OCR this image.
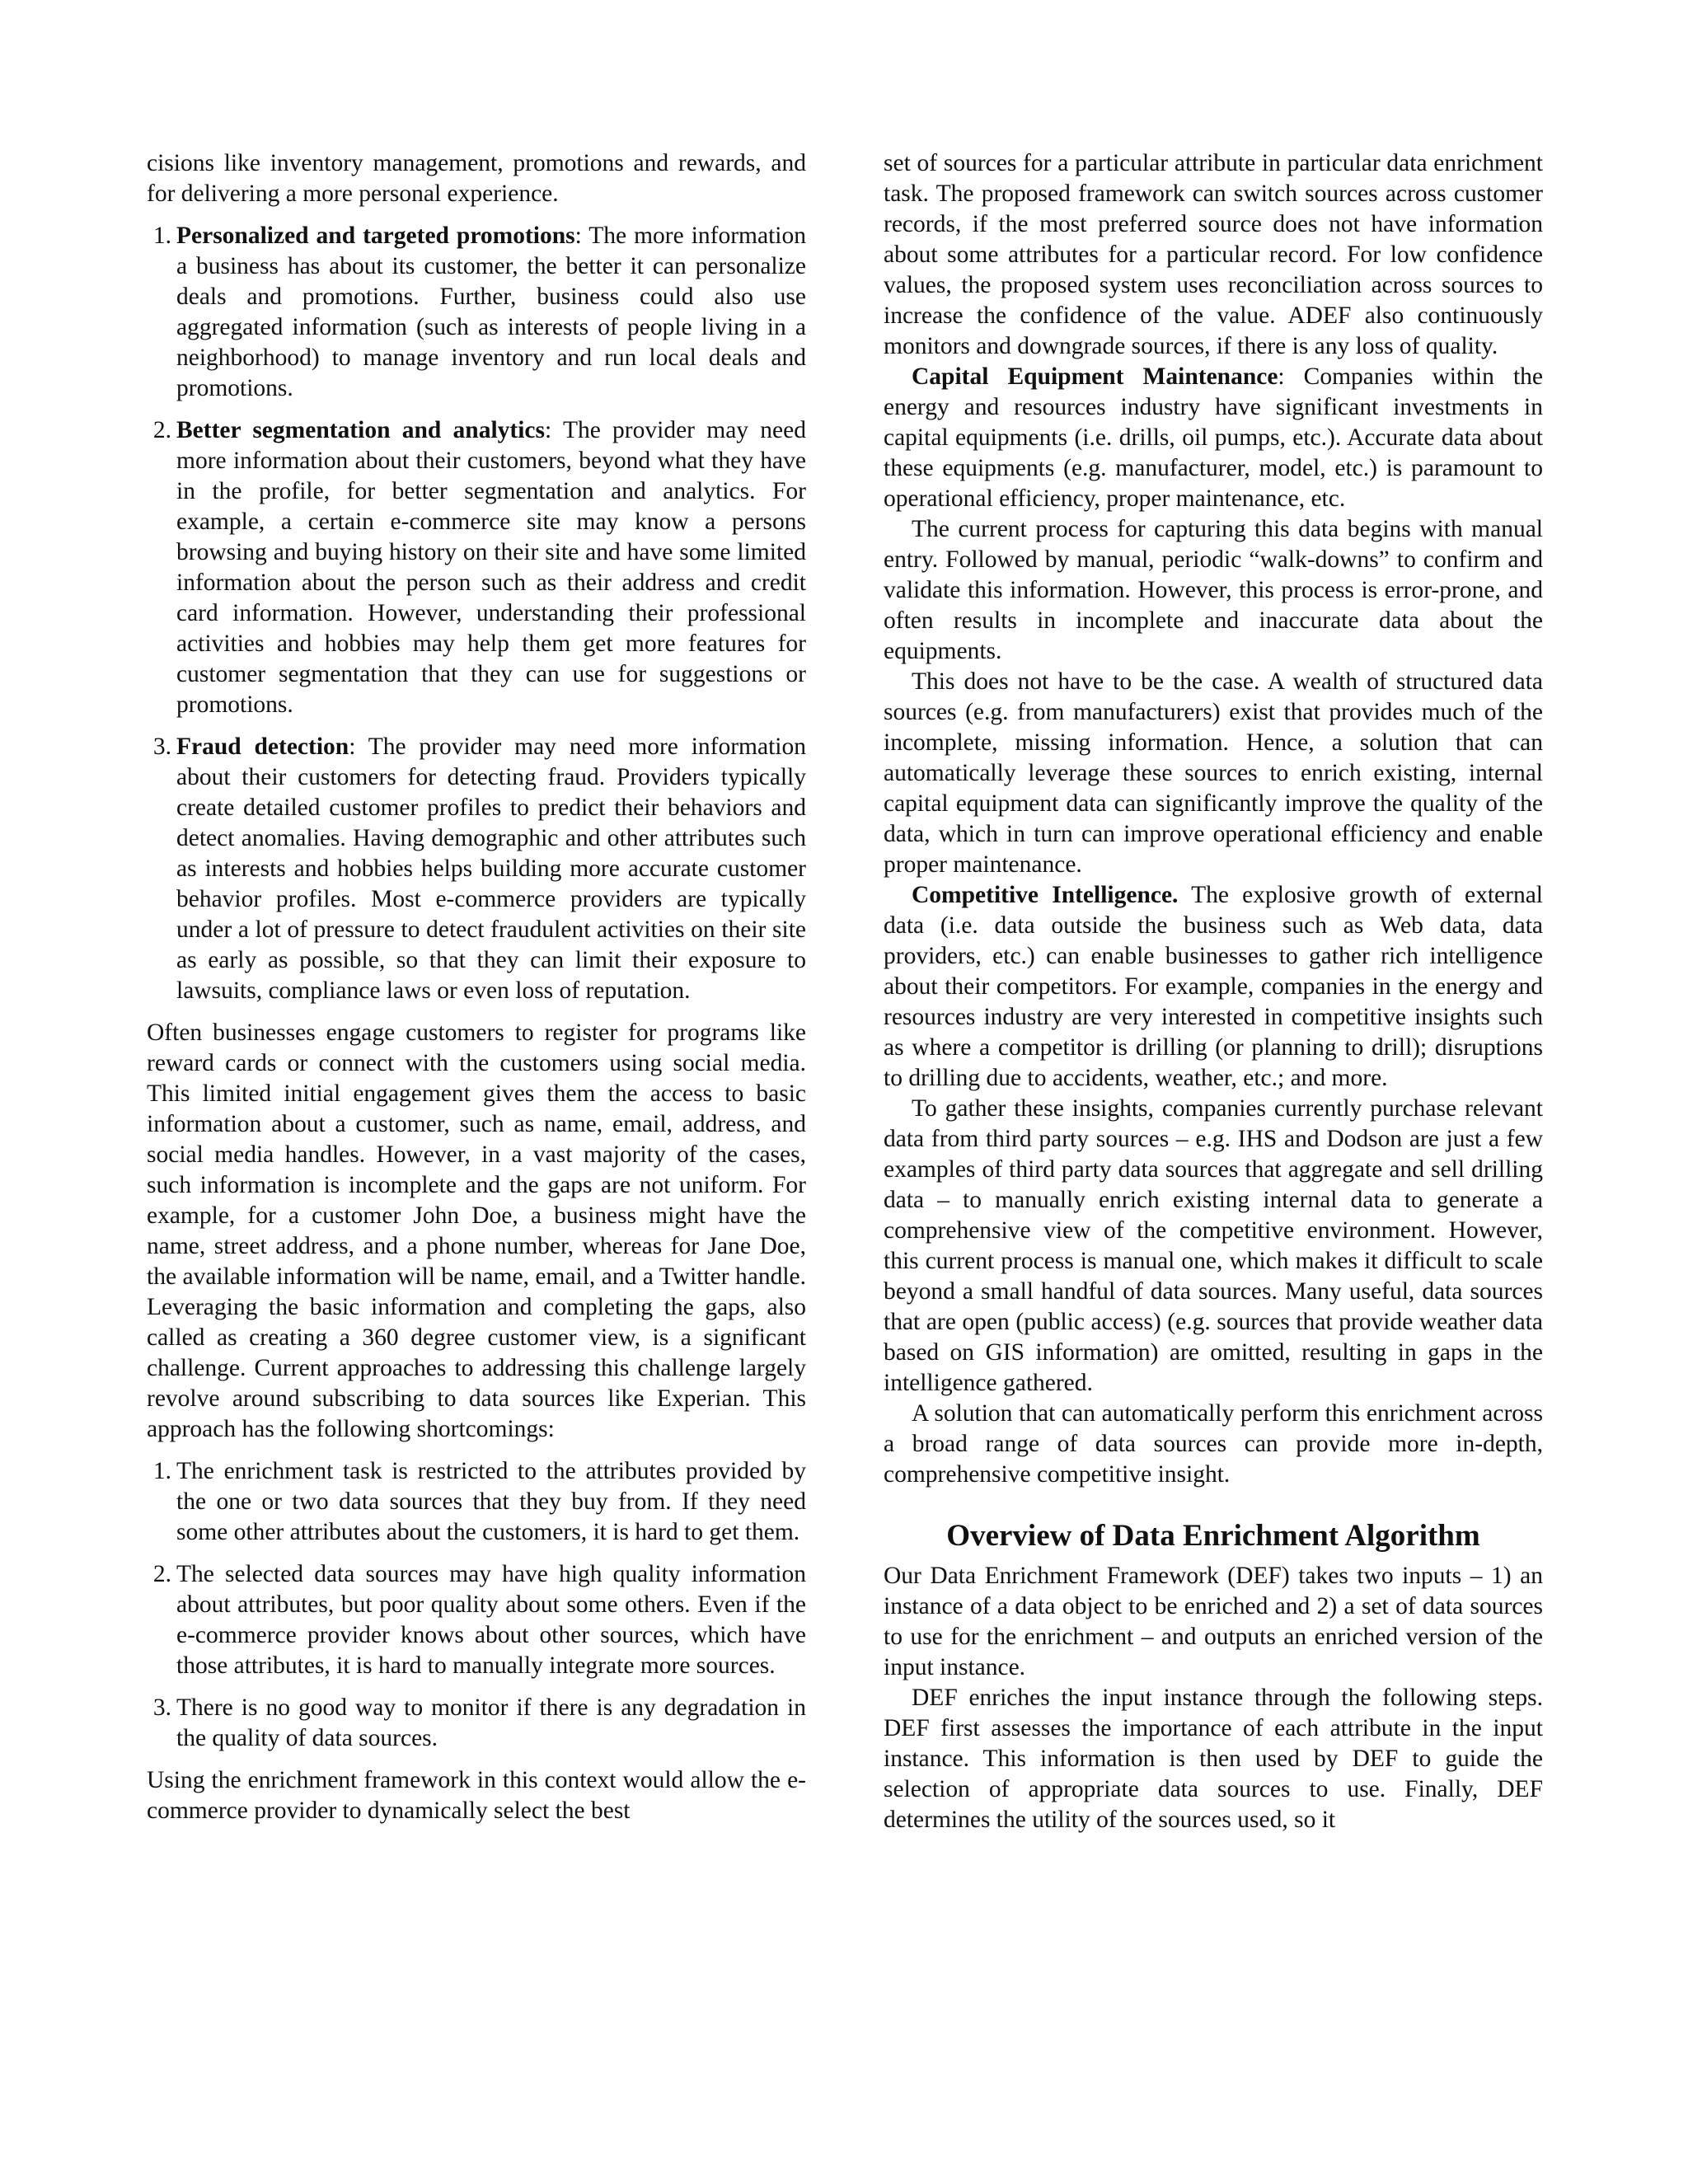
cisions like inventory management, promotions and rewards, and for delivering a more personal experience.

1 . Personalized and targeted promotions: The more information a business has about its customer, the better it can personalize deals and promotions. Further, business could also use aggregated information (such as interests of people living in a neighborhood) to manage inventory and run local deals and promotions.
2 . Better segmentation and analytics: The provider may need more information about their customers, beyond what they have in the profile, for better segmentation and analytics. For example, a certain e-commerce site may know a persons browsing and buying history on their site and have some limited information about the person such as their address and credit card information. However, understanding their professional activities and hobbies may help them get more features for customer segmentation that they can use for suggestions or promotions.
3 . Fraud detection: The provider may need more information about their customers for detecting fraud. Providers typically create detailed customer profiles to predict their behaviors and detect anomalies. Having demographic and other attributes such as interests and hobbies helps building more accurate customer behavior profiles. Most e-commerce providers are typically under a lot of pressure to detect fraudulent activities on their site as early as possible, so that they can limit their exposure to lawsuits, compliance laws or even loss of reputation.

Often businesses engage customers to register for programs like reward cards or connect with the customers using social media. This limited initial engagement gives them the access to basic information about a customer, such as name, email, address, and social media handles. However, in a vast majority of the cases, such information is incomplete and the gaps are not uniform. For example, for a customer John Doe, a business might have the name, street address, and a phone number, whereas for Jane Doe, the available information will be name, email, and a Twitter handle. Leveraging the basic information and completing the gaps, also called as creating a 360 degree customer view, is a significant challenge. Current approaches to addressing this challenge largely revolve around subscribing to data sources like Experian. This approach has the following shortcomings:

1 . The enrichment task is restricted to the attributes provided by the one or two data sources that they buy from. If they need some other attributes about the customers, it is hard to get them.
2 . The selected data sources may have high quality information about attributes, but poor quality about some others. Even if the e-commerce provider knows about other sources, which have those attributes, it is hard to manually integrate more sources.
3 . There is no good way to monitor if there is any degradation in the quality of data sources.

Using the enrichment framework in this context would allow the e-commerce provider to dynamically select the best

set of sources for a particular attribute in particular data enrichment task. The proposed framework can switch sources across customer records, if the most preferred source does not have information about some attributes for a particular record. For low confidence values, the proposed system uses reconciliation across sources to increase the confidence of the value. ADEF also continuously monitors and downgrade sources, if there is any loss of quality.

Capital Equipment Maintenance: Companies within the energy and resources industry have significant investments in capital equipments (i.e. drills, oil pumps, etc.). Accurate data about these equipments (e.g. manufacturer, model, etc.) is paramount to operational efficiency, proper maintenance, etc.

The current process for capturing this data begins with manual entry. Followed by manual, periodic “walk-downs” to confirm and validate this information. However, this process is error-prone, and often results in incomplete and inaccurate data about the equipments.

This does not have to be the case. A wealth of structured data sources (e.g. from manufacturers) exist that provides much of the incomplete, missing information. Hence, a solution that can automatically leverage these sources to enrich existing, internal capital equipment data can significantly improve the quality of the data, which in turn can improve operational efficiency and enable proper maintenance.

Competitive Intelligence. The explosive growth of external data (i.e. data outside the business such as Web data, data providers, etc.) can enable businesses to gather rich intelligence about their competitors. For example, companies in the energy and resources industry are very interested in competitive insights such as where a competitor is drilling (or planning to drill); disruptions to drilling due to accidents, weather, etc.; and more.

To gather these insights, companies currently purchase relevant data from third party sources – e.g. IHS and Dodson are just a few examples of third party data sources that aggregate and sell drilling data – to manually enrich existing internal data to generate a comprehensive view of the competitive environment. However, this current process is manual one, which makes it difficult to scale beyond a small handful of data sources. Many useful, data sources that are open (public access) (e.g. sources that provide weather data based on GIS information) are omitted, resulting in gaps in the intelligence gathered.

A solution that can automatically perform this enrichment across a broad range of data sources can provide more in-depth, comprehensive competitive insight.

Overview of Data Enrichment Algorithm

Our Data Enrichment Framework (DEF) takes two inputs – 1) an instance of a data object to be enriched and 2) a set of data sources to use for the enrichment – and outputs an enriched version of the input instance.

DEF enriches the input instance through the following steps. DEF first assesses the importance of each attribute in the input instance. This information is then used by DEF to guide the selection of appropriate data sources to use. Finally, DEF determines the utility of the sources used, so it
